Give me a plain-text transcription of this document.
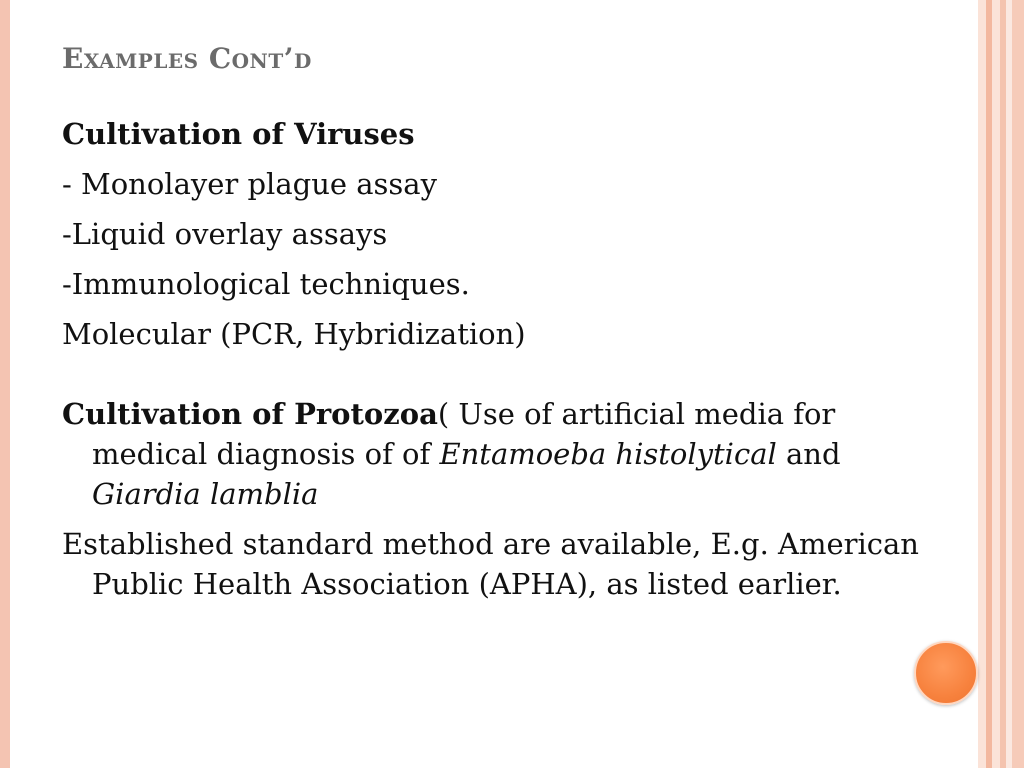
Examples Cont’d

Cultivation of Viruses

- Monolayer plague assay

-Liquid overlay assays

-Immunological techniques.

Molecular (PCR, Hybridization)

Cultivation of Protozoa( Use of artificial media for medical diagnosis of of Entamoeba histolytical and Giardia lamblia

Established standard method are available, E.g. American Public Health Association (APHA), as listed earlier.
